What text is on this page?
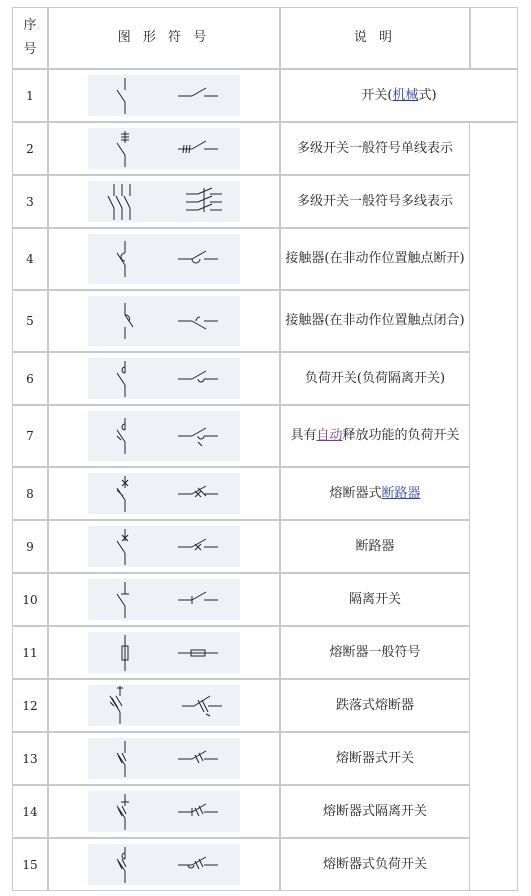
序
号
图 形 符 号	说 明
1	开关(机械式)
2	多级开关一般符号单线表示
3	多级开关一般符号多线表示
4	接触器(在非动作位置触点断开)
5	接触器(在非动作位置触点闭合)
6	负荷开关(负荷隔离开关)
7	具有自动释放功能的负荷开关
8	熔断器式断路器
9	断路器
10	隔离开关
11	熔断器一般符号
12	跌落式熔断器
13	熔断器式开关
14	熔断器式隔离开关
15	熔断器式负荷开关
